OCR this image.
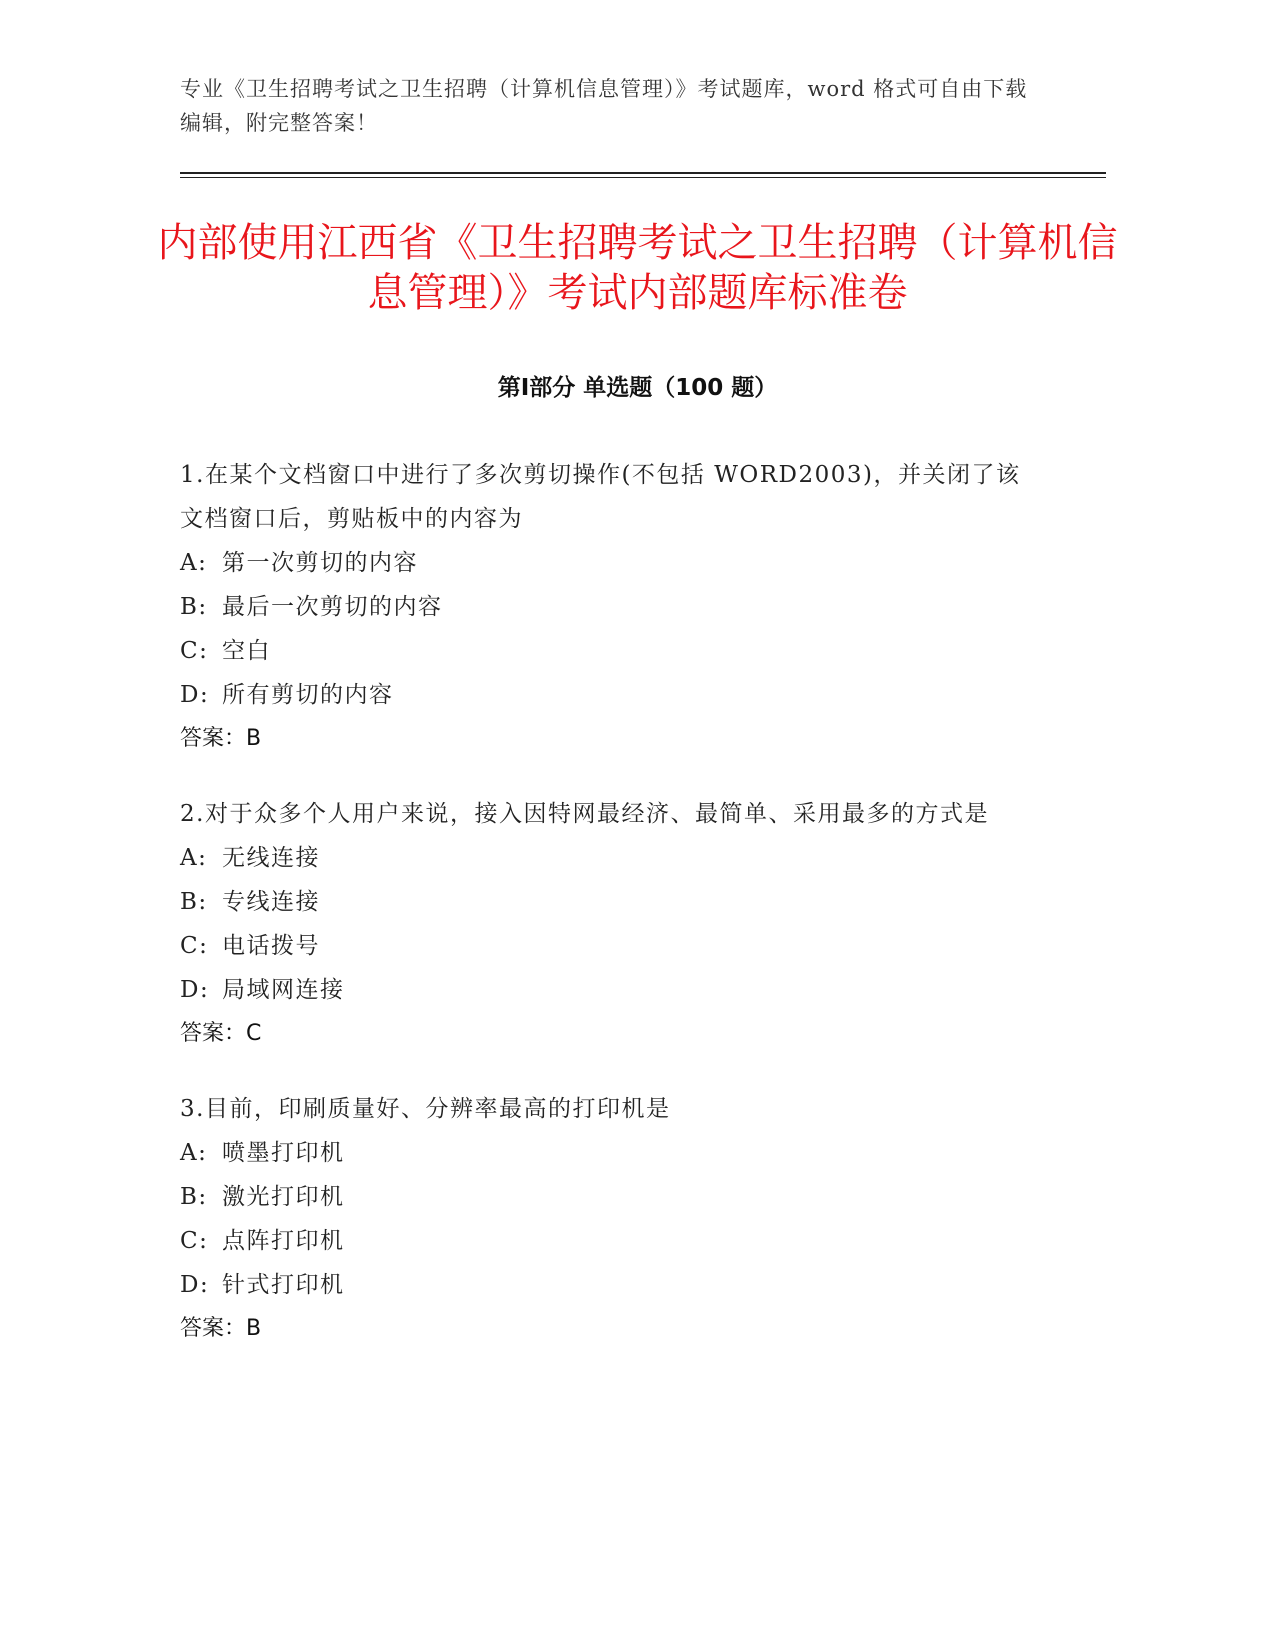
专业《卫生招聘考试之卫生招聘（计算机信息管理）》考试题库，word 格式可自由下载编辑，附完整答案！
内部使用江西省《卫生招聘考试之卫生招聘（计算机信息管理）》考试内部题库标准卷
第Ⅰ部分 单选题（100 题）
1.在某个文档窗口中进行了多次剪切操作(不包括 WORD2003)，并关闭了该文档窗口后，剪贴板中的内容为
A: 第一次剪切的内容
B: 最后一次剪切的内容
C: 空白
D: 所有剪切的内容
答案：B
2.对于众多个人用户来说，接入因特网最经济、最简单、采用最多的方式是
A: 无线连接
B: 专线连接
C: 电话拨号
D: 局域网连接
答案：C
3.目前，印刷质量好、分辨率最高的打印机是
A: 喷墨打印机
B: 激光打印机
C: 点阵打印机
D: 针式打印机
答案：B
